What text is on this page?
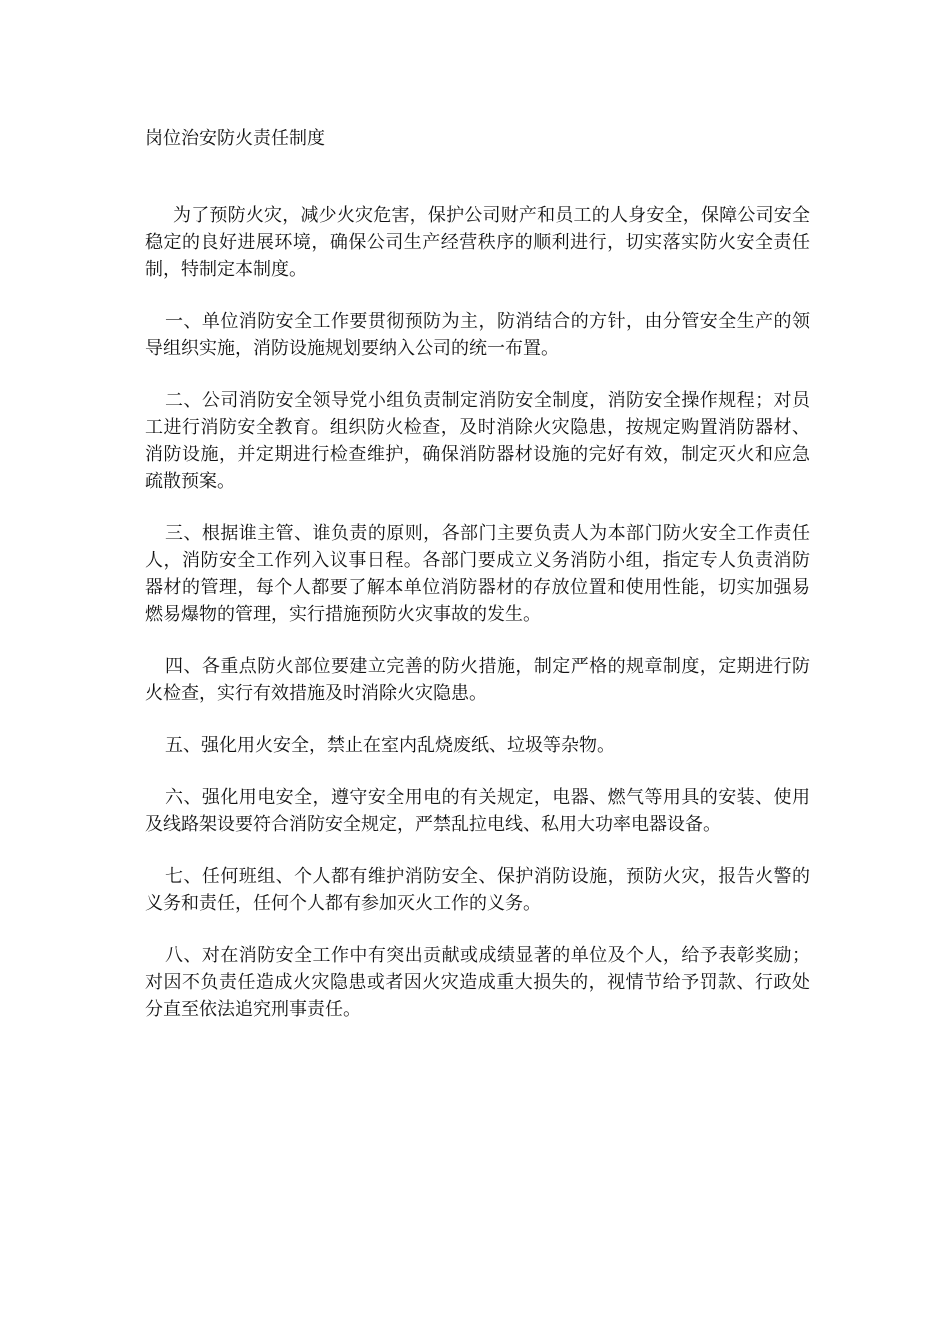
岗位治安防火责任制度

为了预防火灾，减少火灾危害，保护公司财产和员工的人身安全，保障公司安全稳定的良好进展环境，确保公司生产经营秩序的顺利进行，切实落实防火安全责任制，特制定本制度。

一、单位消防安全工作要贯彻预防为主，防消结合的方针，由分管安全生产的领导组织实施，消防设施规划要纳入公司的统一布置。

二、公司消防安全领导党小组负责制定消防安全制度，消防安全操作规程；对员工进行消防安全教育。组织防火检查，及时消除火灾隐患，按规定购置消防器材、消防设施，并定期进行检查维护，确保消防器材设施的完好有效，制定灭火和应急疏散预案。

三、根据谁主管、谁负责的原则，各部门主要负责人为本部门防火安全工作责任人，消防安全工作列入议事日程。各部门要成立义务消防小组，指定专人负责消防器材的管理，每个人都要了解本单位消防器材的存放位置和使用性能，切实加强易燃易爆物的管理，实行措施预防火灾事故的发生。

四、各重点防火部位要建立完善的防火措施，制定严格的规章制度，定期进行防火检查，实行有效措施及时消除火灾隐患。

五、强化用火安全，禁止在室内乱烧废纸、垃圾等杂物。

六、强化用电安全，遵守安全用电的有关规定，电器、燃气等用具的安装、使用及线路架设要符合消防安全规定，严禁乱拉电线、私用大功率电器设备。

七、任何班组、个人都有维护消防安全、保护消防设施，预防火灾，报告火警的义务和责任，任何个人都有参加灭火工作的义务。

八、对在消防安全工作中有突出贡献或成绩显著的单位及个人，给予表彰奖励；对因不负责任造成火灾隐患或者因火灾造成重大损失的，视情节给予罚款、行政处分直至依法追究刑事责任。
